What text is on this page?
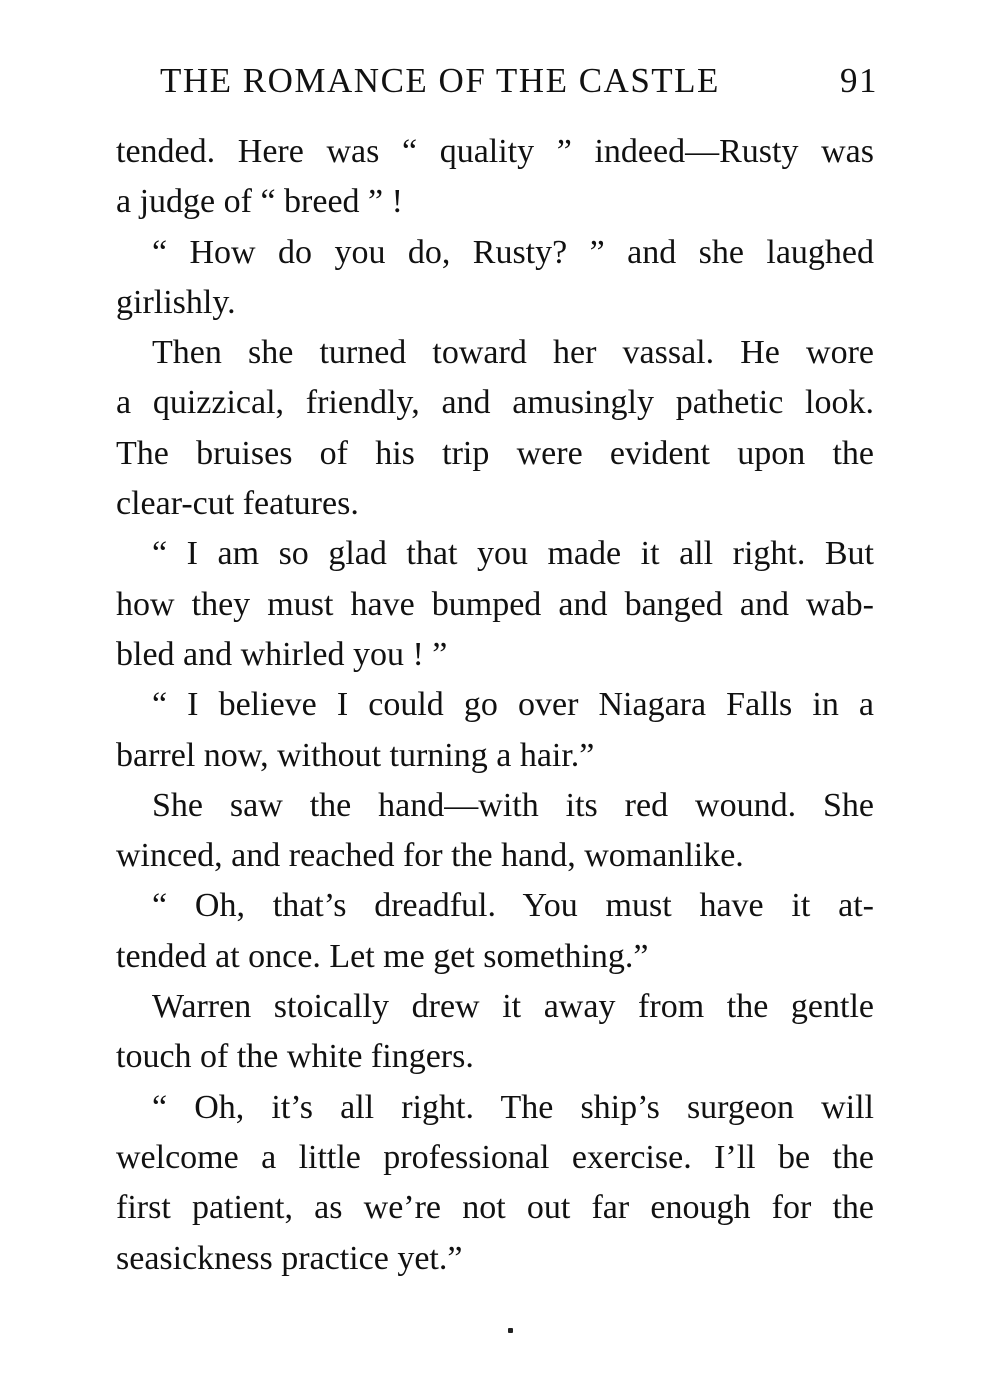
THE ROMANCE OF THE CASTLE	91
tended. Here was “ quality ” indeed—Rusty was
a judge of “ breed ” !
“ How do you do, Rusty? ” and she laughed
girlishly.
Then she turned toward her vassal. He wore
a quizzical, friendly, and amusingly pathetic look.
The bruises of his trip were evident upon the
clear-cut features.
“ I am so glad that you made it all right. But
how they must have bumped and banged and wab-
bled and whirled you ! ”
“ I believe I could go over Niagara Falls in a
barrel now, without turning a hair.”
She saw the hand—with its red wound. She
winced, and reached for the hand, womanlike.
“ Oh, that’s dreadful. You must have it at-
tended at once. Let me get something.”
Warren stoically drew it away from the gentle
touch of the white fingers.
“ Oh, it’s all right. The ship’s surgeon will
welcome a little professional exercise. I’ll be the
first patient, as we’re not out far enough for the
seasickness practice yet.”
